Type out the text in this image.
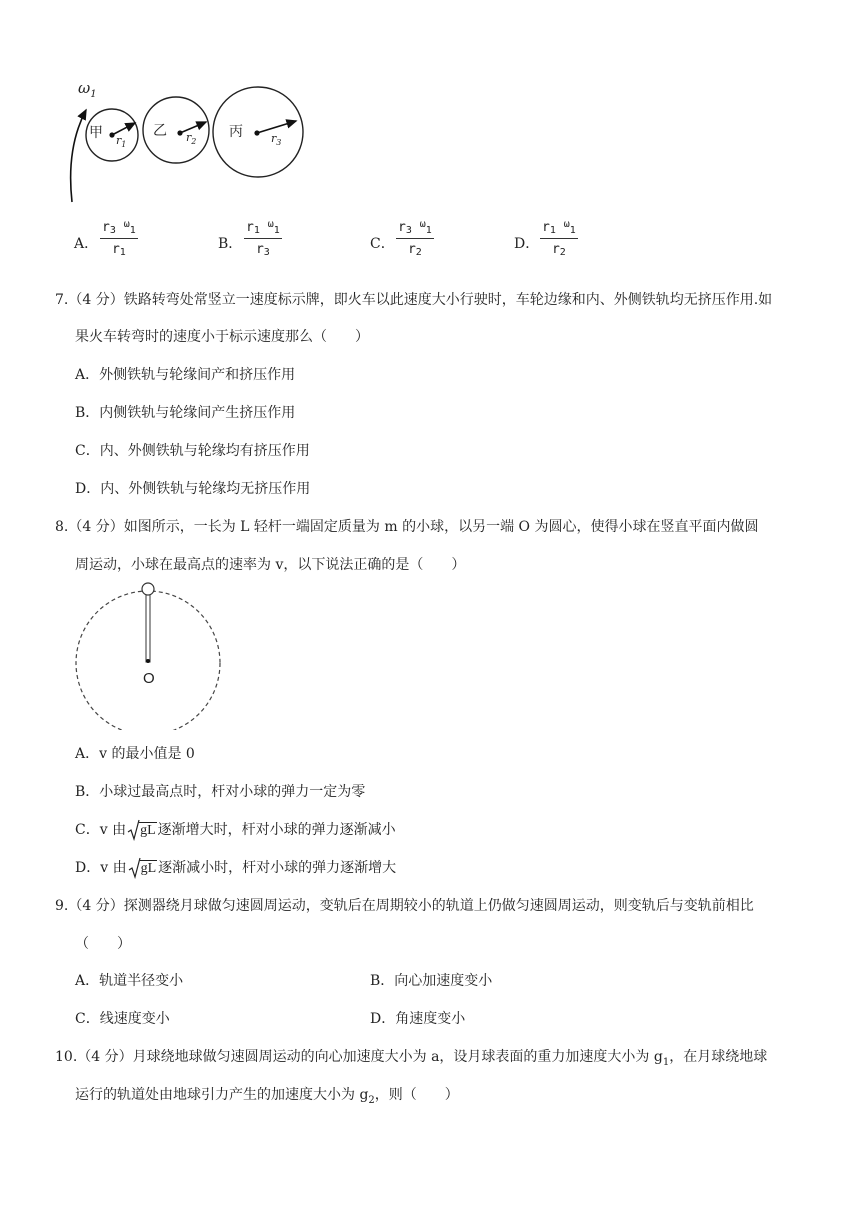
$\omega_1$
甲 $r_1$
乙 $r_2$
丙	$r_3$
A． $\frac{r_3 ^\omega_1}{r_1}$	B． $\frac{r_1 ^\omega_1}{r_3}$	C． $\frac{r_3 ^\omega_1}{r_2}$	D． $\frac{r_1 ^\omega_1}{r_2}$
7.（4 分）铁路转弯处常竖立一速度标示牌，即火车以此速度大小行驶时，车轮边缘和内、外侧铁轨均无挤压作用.如
果火车转弯时的速度小于标示速度那么（　　）
A．外侧铁轨与轮缘间产和挤压作用
B．内侧铁轨与轮缘间产生挤压作用
C．内、外侧铁轨与轮缘均有挤压作用
D．内、外侧铁轨与轮缘均无挤压作用
8.（4 分）如图所示，一长为 L 轻杆一端固定质量为 m 的小球，以另一端 O 为圆心，使得小球在竖直平面内做圆
周运动，小球在最高点的速率为 v，以下说法正确的是（　　）
O
A．v 的最小值是 0
B．小球过最高点时，杆对小球的弹力一定为零
C．v 由 gL 逐渐增大时，杆对小球的弹力逐渐减小
D．v 由 gL 逐渐减小时，杆对小球的弹力逐渐增大
9.（4 分）探测器绕月球做匀速圆周运动，变轨后在周期较小的轨道上仍做匀速圆周运动，则变轨后与变轨前相比
（　　）
A．轨道半径变小	B．向心加速度变小
C．线速度变小	D．角速度变小
10.（4 分）月球绕地球做匀速圆周运动的向心加速度大小为 a，设月球表面的重力加速度大小为 $g_1$，在月球绕地球
运行的轨道处由地球引力产生的加速度大小为 $g_2$，则（　　）
